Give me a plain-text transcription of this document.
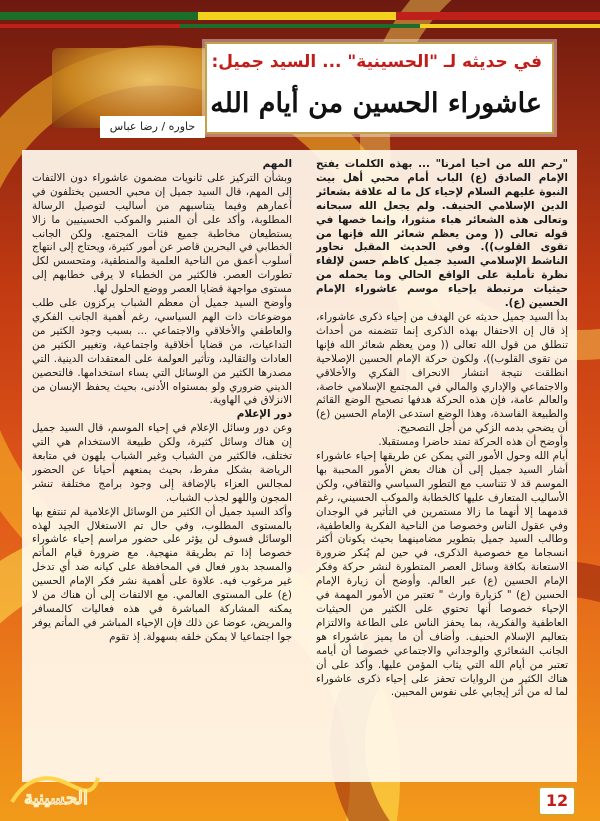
في حديثه لـ "الحسينية" ... السيد جميل:
عاشوراء الحسين من أيام الله
حاوره / رضا عباس

"رحم الله من أحيا أمرنا" ... بهذه الكلمات يفتح الإمام الصادق (ع) الباب أمام محبي أهل بيت النبوة عليهم السلام لإحياء كل ما له علاقة بشعائر الدين الإسلامي الحنيف. ولم يجعل الله سبحانه وتعالى هذه الشعائر هباء منثورا، وإنما خصها في قوله تعالى (( ومن يعظم شعائر الله فإنها من تقوى القلوب)). وفي الحديث المقبل نحاور الناشط الإسلامي السيد جميل كاظم حسن لإلقاء نظرة تأملية على الواقع الحالي وما يحمله من حيثيات مرتبطة بإحياء موسم عاشوراء الإمام الحسين (ع).

بدأ السيد جميل حديثه عن الهدف من إحياء ذكرى عاشوراء، إذ قال إن الاحتفال بهذه الذكرى إنما تتضمنه من أحداث تنطلق من قول الله تعالى (( ومن يعظم شعائر الله فإنها من تقوى القلوب))، ولكون حركة الإمام الحسين الإصلاحية انطلقت نتيجة انتشار الانحراف الفكري والأخلاقي والاجتماعي والإداري والمالي في المجتمع الإسلامي خاصة، والعالم عامة، فإن هذه الحركة هدفها تصحيح الوضع القائم والطبيعة الفاسدة، وهذا الوضع استدعى الإمام الحسين (ع) أن يضحي بدمه الزكي من أجل التصحيح.

وأوضح أن هذه الحركة تمتد حاضرا ومستقبلا.

أيام الله وحول الأمور التي يمكن عن طريقها إحياء عاشوراء أشار السيد جميل إلى أن هناك بعض الأمور المحببة بها الموسم قد لا تتناسب مع التطور السياسي والثقافي، ولكن الأساليب المتعارف عليها كالخطابة والموكب الحسيني، رغم قدمهما إلا أنهما ما زالا مستمرين في التأثير في الوجدان وفي عقول الناس وخصوصا من الناحية الفكرية والعاطفية، وطالب السيد جميل بتطوير مضامينهما بحيث يكونان أكثر انسجاما مع خصوصية الذكرى، في حين لم يُنكر ضرورة الاستعانة بكافة وسائل العصر المتطورة لنشر حركة وفكر الإمام الحسين (ع) عبر العالم. وأوضح أن زيارة الإمام الحسين (ع) " كزيارة وارث " تعتبر من الأمور المهمة في الإحياء خصوصا أنها تحتوي على الكثير من الحيثيات العاطفية والفكرية، بما يحفز الناس على الطاعة والالتزام بتعاليم الإسلام الحنيف. وأضاف أن ما يميز عاشوراء هو الجانب الشعائري والوجداني والاجتماعي خصوصا أن أيامه تعتبر من أيام الله التي يثاب المؤمن عليها. وأكد على أن هناك الكثير من الروايات تحفز على إحياء ذكرى عاشوراء لما له من أثر إيجابي على نفوس المحبين.

المهم

وبشأن التركيز على ثانويات مضمون عاشوراء دون الالتفات إلى المهم، قال السيد جميل إن محبي الحسين يختلفون في أعمارهم وفيما يتناسبهم من أساليب لتوصيل الرسالة المطلوبة، وأكد على أن المنبر والموكب الحسينيين ما زالا يستطيعان مخاطبة جميع فئات المجتمع. ولكن الجانب الخطابي في البحرين قاصر عن أمور كثيرة، ويحتاج إلى انتهاج أسلوب أعمق من الناحية العلمية والمنطقية، ومتحسس لكل تطورات العصر. فالكثير من الخطباء لا يرقى خطابهم إلى مستوى مواجهة قضايا العصر ووضع الحلول لها.

وأوضح السيد جميل أن معظم الشباب يركزون على طلب موضوعات ذات الهم السياسي، رغم أهمية الجانب الفكري والعاطفي والأخلاقي والاجتماعي ... بسبب وجود الكثير من التداعيات، من قضايا أخلاقية واجتماعية، وتغيير الكثير من العادات والتقاليد، وتأثير العولمة على المعتقدات الدينية. التي مصدرها الكثير من الوسائل التي يساء استخدامها. فالتحصين الديني ضروري ولو بمستواه الأدنى، بحيث يحفظ الإنسان من الانزلاق في الهاوية.

دور الإعلام

وعن دور وسائل الإعلام في إحياء الموسم، قال السيد جميل إن هناك وسائل كثيرة، ولكن طبيعة الاستخدام هي التي تختلف، فالكثير من الشباب وغير الشباب يلهون في متابعة الرياضة بشكل مفرط، بحيث يمنعهم أحيانا عن الحضور لمجالس العزاء بالإضافة إلى وجود برامج مختلفة تنشر المجون واللهو لجذب الشباب.

وأكد السيد جميل أن الكثير من الوسائل الإعلامية لم تنتفع بها بالمستوى المطلوب، وفي حال تم الاستغلال الجيد لهذه الوسائل فسوف لن يؤثر على حضور مراسم إحياء عاشوراء خصوصا إذا تم بطريقة منهجية. مع ضرورة قيام المأتم والمسجد بدور فعال في المحافظة على كيانه ضد أي تدخل غير مرغوب فيه. علاوة على أهمية نشر فكر الإمام الحسين (ع) على المستوى العالمي. مع الالتفات إلى أن هناك من لا يمكنه المشاركة المباشرة في هذه فعاليات كالمسافر والمريض، عوضا عن ذلك فإن الإحياء المباشر في المأتم يوفر جوا اجتماعيا لا يمكن خلقه بسهولة. إذ تقوم

الحسينية	12
